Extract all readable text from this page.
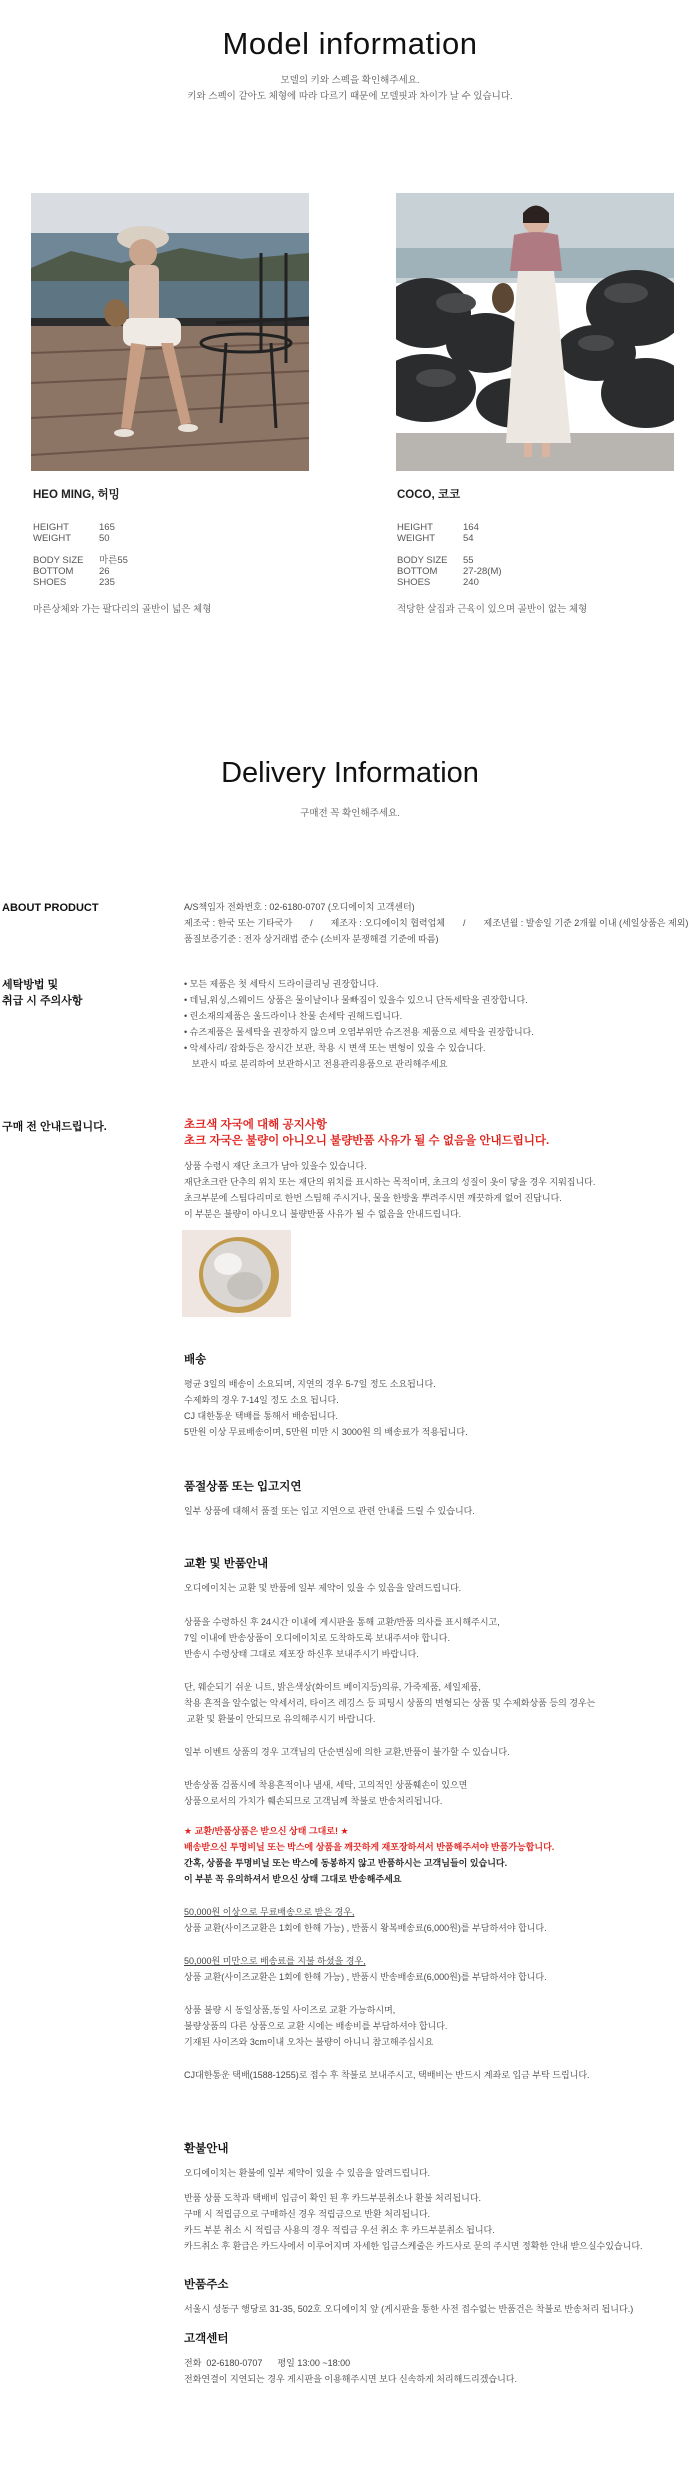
Model information
모델의 키와 스펙을 확인해주세요.
키와 스펙이 같아도 체형에 따라 다르기 때문에 모델핏과 차이가 날 수 있습니다.
HEO MING, 허밍
HEIGHT	165
WEIGHT	50
BODY SIZE	마른55
BOTTOM	26
SHOES	235
마른상체와 가는 팔다리의 골반이 넓은 체형
COCO, 코코
HEIGHT	164
WEIGHT	54
BODY SIZE	55
BOTTOM	27-28(M)
SHOES	240
적당한 살집과 근육이 있으며 골반이 없는 체형
Delivery Information
구매전 꼭 확인해주세요.
ABOUT PRODUCT	A/S책임자 전화번호 : 02-6180-0707 (오디에이치 고객센터)

제조국 : 한국 또는 기타국가 / 제조자 : 오디에이치 협력업체 / 제조년월 : 발송일 기준 2개월 이내 (세일상품은 제외)

품질보증기준 : 전자 상거래법 준수 (소비자 분쟁해결 기준에 따름)

세탁방법 및
취급 시 주의사항

• 모든 제품은 첫 세탁시 드라이클리닝 권장합니다.

• 데님,워싱,스웨이드 상품은 물이날이나 물빠짐이 있을수 있으니 단독세탁을 권장합니다.

• 린소재의제품은 울드라이나 찬물 손세탁 권해드립니다.

• 슈즈제품은 물세탁을 권장하지 않으며 오염부위만 슈즈전용 제품으로 세탁을 권장합니다.

• 악세사리/ 잡화등은 장시간 보관, 착용 시 변색 또는 변형이 있을 수 있습니다.

보관시 따로 분리하여 보관하시고 전용관리용품으로 관리해주세요

구매 전 안내드립니다.	초크색 자국에 대해 공지사항

초크 자국은 불량이 아니오니 불량반품 사유가 될 수 없음을 안내드립니다.

상품 수령시 재단 초크가 남아 있을수 있습니다.

재단초크란 단추의 위치 또는 재단의 위치를 표시하는 목적이며, 초크의 성질이 옷이 닿을 경우 지워집니다.

초크부분에 스팀다리미로 한번 스팀해 주시거나, 물을 한방울 뿌려주시면 깨끗하게 없어 진답니다.

이 부분은 불량이 아니오니 불량반품 사유가 될 수 없음을 안내드립니다.

배송

평균 3일의 배송이 소요되며, 지연의 경우 5-7일 정도 소요됩니다.

수제화의 경우 7-14일 정도 소요 됩니다.

CJ 대한통운 택배를 통해서 배송됩니다.

5만원 이상 무료배송이며, 5만원 미만 시 3000원 의 배송료가 적용됩니다.

품절상품 또는 입고지연

일부 상품에 대해서 품절 또는 입고 지연으로 관련 안내를 드릴 수 있습니다.

교환 및 반품안내

오디에이치는 교환 및 반품에 일부 제약이 있을 수 있음을 알려드립니다.

상품을 수령하신 후 24시간 이내에 게시판을 통해 교환/반품 의사를 표시해주시고,

7일 이내에 반송상품이 오디에이치로 도착하도록 보내주셔야 합니다.

반송시 수령상태 그대로 제포장 하신후 보내주시기 바랍니다.

단, 웨순되기 쉬운 니트, 밝은색상(화이트 베이지등)의류, 가죽제품, 세일제품,

착용 흔적을 알수없는 악세서리, 타이즈 레깅스 등 피팅시 상품의 변형되는 상품 및 수제화상품 등의 경우는

교환 및 환불이 안되므로 유의해주시기 바랍니다.

일부 이벤트 상품의 경우 고객님의 단순변심에 의한 교환,반품이 불가할 수 있습니다.

반송상품 검품시에 착용흔적이나 냄새, 세탁, 고의적인 상품훼손이 있으면

상품으로서의 가치가 훼손되므로 고객님께 착불로 반송처리됩니다.

★ 교환/반품상품은 받으신 상태 그대로! ★

배송받으신 투명비닐 또는 박스에 상품을 깨끗하게 재포장하셔서 반품해주셔야 반품가능합니다.

간혹, 상품을 투명비닐 또는 박스에 동봉하지 않고 반품하시는 고객님들이 있습니다.

이 부분 꼭 유의하셔서 받으신 상태 그대로 반송해주세요

50,000원 이상으로 무료배송으로 받은 경우,

상품 교환(사이즈교환은 1회에 한해 가능) , 반품시 왕복배송료(6,000원)를 부담하셔야 합니다.

50,000원 미만으로 배송료를 지불 하셨을 경우,

상품 교환(사이즈교환은 1회에 한해 가능) , 반품시 반송배송료(6,000원)를 부담하셔야 합니다.

상품 불량 시 동일상품,동일 사이즈로 교환 가능하시며,

불량상품의 다른 상품으로 교환 시에는 배송비를 부담하셔야 합니다.

기재된 사이즈와 3cm이내 오차는 불량이 아니니 참고해주십시요

CJ대한통운 택배(1588-1255)로 접수 후 착불로 보내주시고, 택배비는 반드시 계좌로 입금 부탁 드립니다.

환불안내

오디에이치는 환불에 일부 제약이 있을 수 있음을 알려드립니다.

반품 상품 도착과 택배비 입금이 확인 된 후 카드부분취소나 환불 처리됩니다.

구매 시 적립금으로 구매하신 경우 적립금으로 반환 처리됩니다.

카드 부분 취소 시 적립금 사용의 경우 적립금 우선 취소 후 카드부분취소 됩니다.

카드취소 후 환급은 카드사에서 이루어지며 자세한 입금스케줄은 카드사로 문의 주시면 정확한 안내 받으실수있습니다.

반품주소

서울시 성동구 행당로 31-35, 502호 오디에이치 앞 (게시판을 통한 사전 접수없는 반품건은 착불로 반송처리 됩니다.)

고객센터

전화  02-6180-0707      평일 13:00 ~18:00

전화연결이 지연되는 경우 게시판을 이용해주시면 보다 신속하게 처리해드리겠습니다.
